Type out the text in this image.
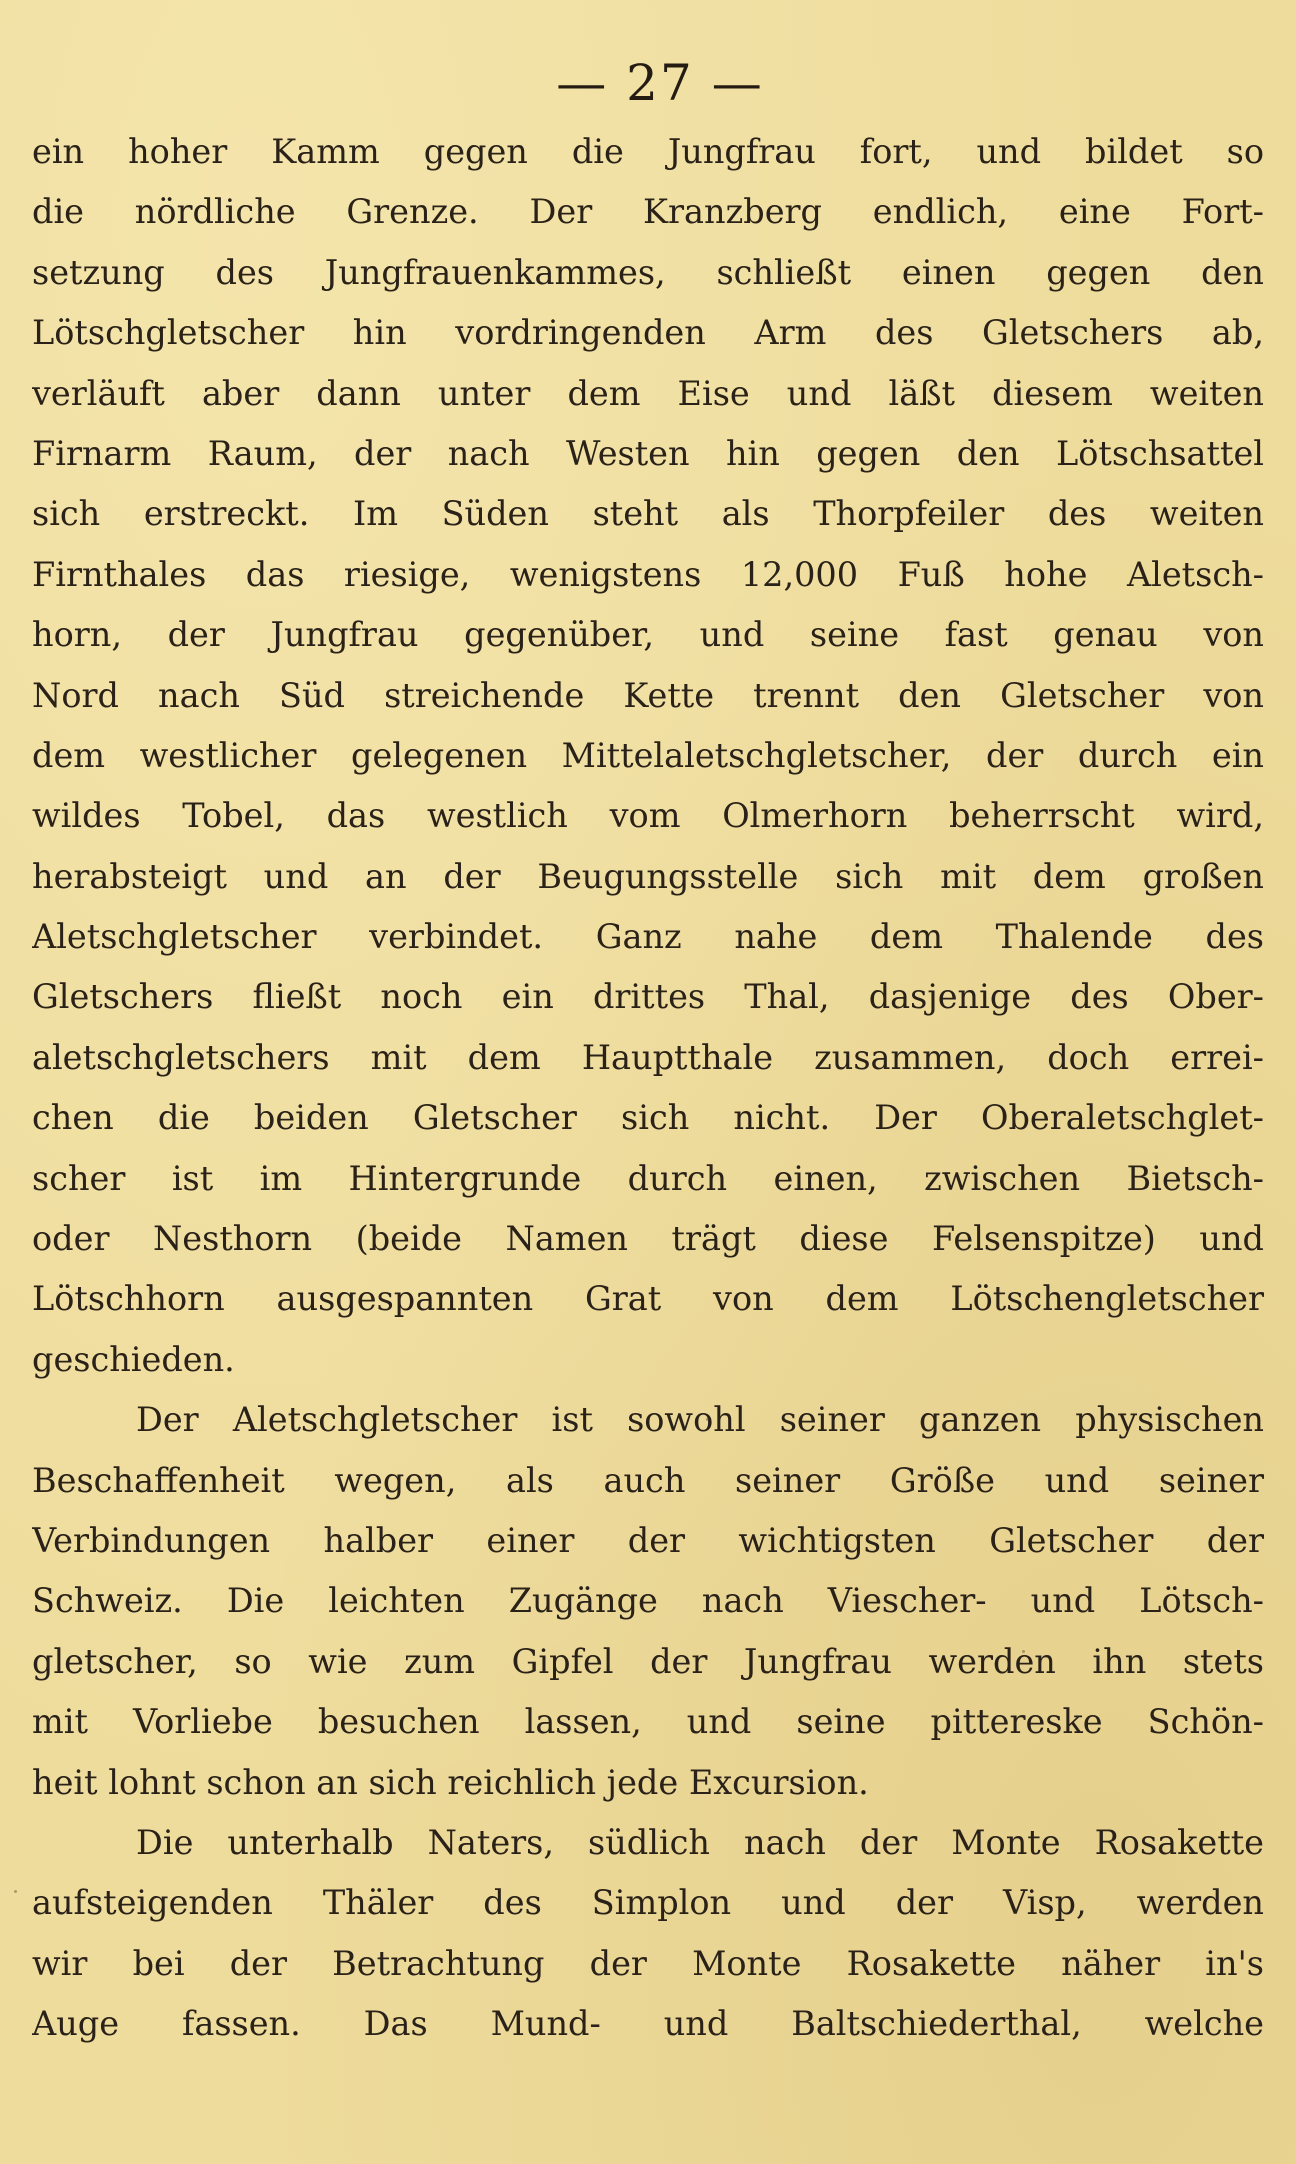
— 27 —
ein hoher Kamm gegen die Jungfrau fort, und bildet so
die nördliche Grenze. Der Kranzberg endlich, eine Fort-
setzung des Jungfrauenkammes, schließt einen gegen den
Lötschgletscher hin vordringenden Arm des Gletschers ab,
verläuft aber dann unter dem Eise und läßt diesem weiten
Firnarm Raum, der nach Westen hin gegen den Lötschsattel
sich erstreckt. Im Süden steht als Thorpfeiler des weiten
Firnthales das riesige, wenigstens 12,000 Fuß hohe Aletsch-
horn, der Jungfrau gegenüber, und seine fast genau von
Nord nach Süd streichende Kette trennt den Gletscher von
dem westlicher gelegenen Mittelaletschgletscher, der durch ein
wildes Tobel, das westlich vom Olmerhorn beherrscht wird,
herabsteigt und an der Beugungsstelle sich mit dem großen
Aletschgletscher verbindet. Ganz nahe dem Thalende des
Gletschers fließt noch ein drittes Thal, dasjenige des Ober-
aletschgletschers mit dem Hauptthale zusammen, doch errei-
chen die beiden Gletscher sich nicht. Der Oberaletschglet-
scher ist im Hintergrunde durch einen, zwischen Bietsch-
oder Nesthorn (beide Namen trägt diese Felsenspitze) und
Lötschhorn ausgespannten Grat von dem Lötschengletscher
geschieden.
Der Aletschgletscher ist sowohl seiner ganzen physischen
Beschaffenheit wegen, als auch seiner Größe und seiner
Verbindungen halber einer der wichtigsten Gletscher der
Schweiz. Die leichten Zugänge nach Viescher- und Lötsch-
gletscher, so wie zum Gipfel der Jungfrau werden ihn stets
mit Vorliebe besuchen lassen, und seine pittereske Schön-
heit lohnt schon an sich reichlich jede Excursion.
Die unterhalb Naters, südlich nach der Monte Rosakette
aufsteigenden Thäler des Simplon und der Visp, werden
wir bei der Betrachtung der Monte Rosakette näher in's
Auge fassen. Das Mund- und Baltschiederthal, welche
